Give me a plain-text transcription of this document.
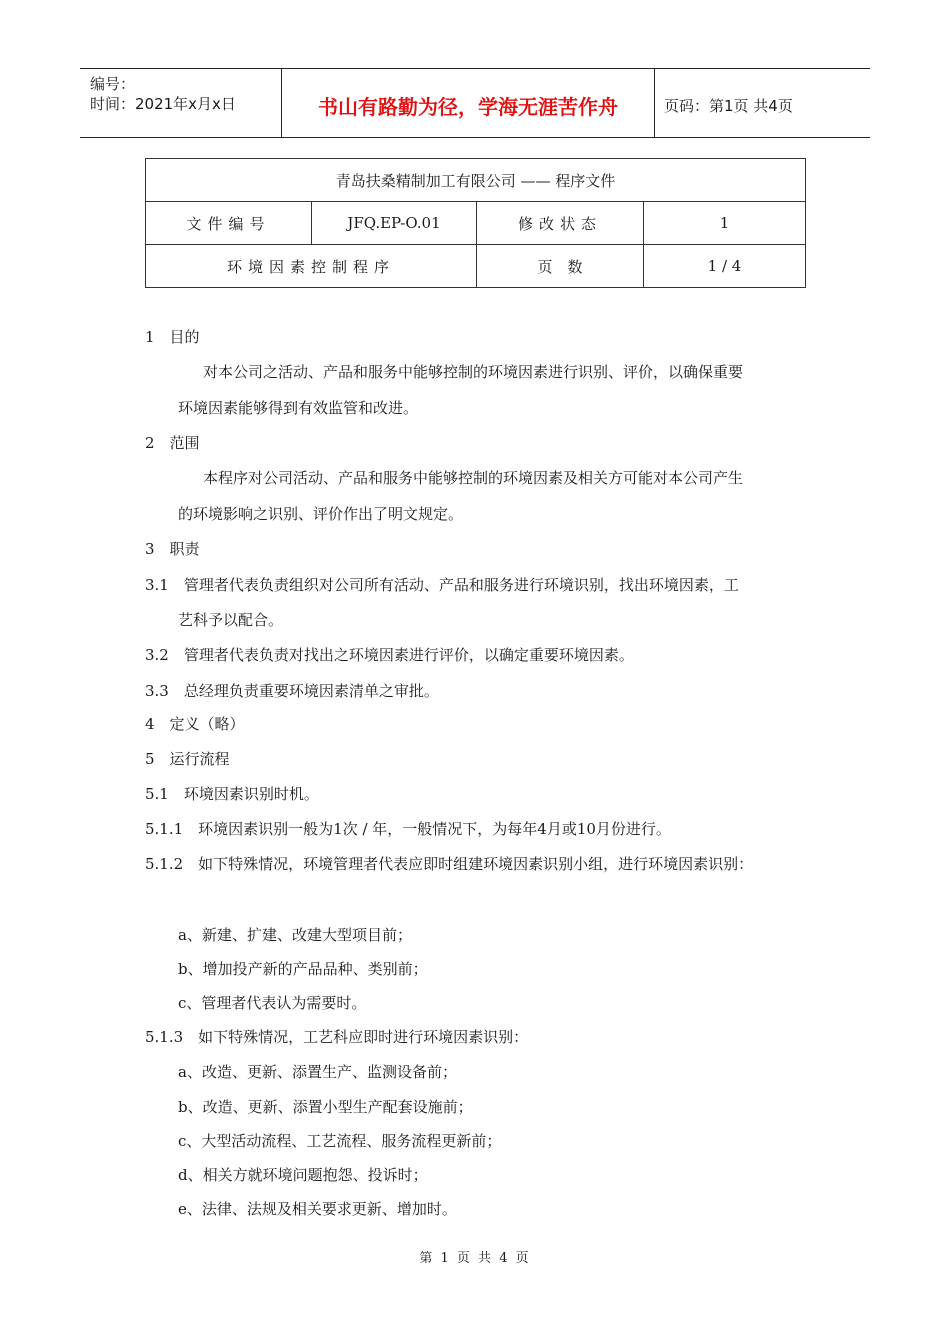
编号：
时间：2021年x月x日	书山有路勤为径，学海无涯苦作舟	页码：第1页 共4页
青岛扶桑精制加工有限公司 —— 程序文件			
文件编号	JFQ.EP-O.01	修改状态	1
环境因素控制程序		页　数	1 / 4
1　目的
对本公司之活动、产品和服务中能够控制的环境因素进行识别、评价，以确保重要
环境因素能够得到有效监管和改进。
2　范围
本程序对公司活动、产品和服务中能够控制的环境因素及相关方可能对本公司产生
的环境影响之识别、评价作出了明文规定。
3　职责
3.1　管理者代表负责组织对公司所有活动、产品和服务进行环境识别，找出环境因素，工
艺科予以配合。
3.2　管理者代表负责对找出之环境因素进行评价，以确定重要环境因素。
3.3　总经理负责重要环境因素清单之审批。
4　定义（略）
5　运行流程
5.1　环境因素识别时机。
5.1.1　环境因素识别一般为1次 / 年，一般情况下，为每年4月或10月份进行。
5.1.2　如下特殊情况，环境管理者代表应即时组建环境因素识别小组，进行环境因素识别：
a、新建、扩建、改建大型项目前；
b、增加投产新的产品品种、类别前；
c、管理者代表认为需要时。
5.1.3　如下特殊情况，工艺科应即时进行环境因素识别：
a、改造、更新、添置生产、监测设备前；
b、改造、更新、添置小型生产配套设施前；
c、大型活动流程、工艺流程、服务流程更新前；
d、相关方就环境问题抱怨、投诉时；
e、法律、法规及相关要求更新、增加时。
第 1 页 共 4 页
